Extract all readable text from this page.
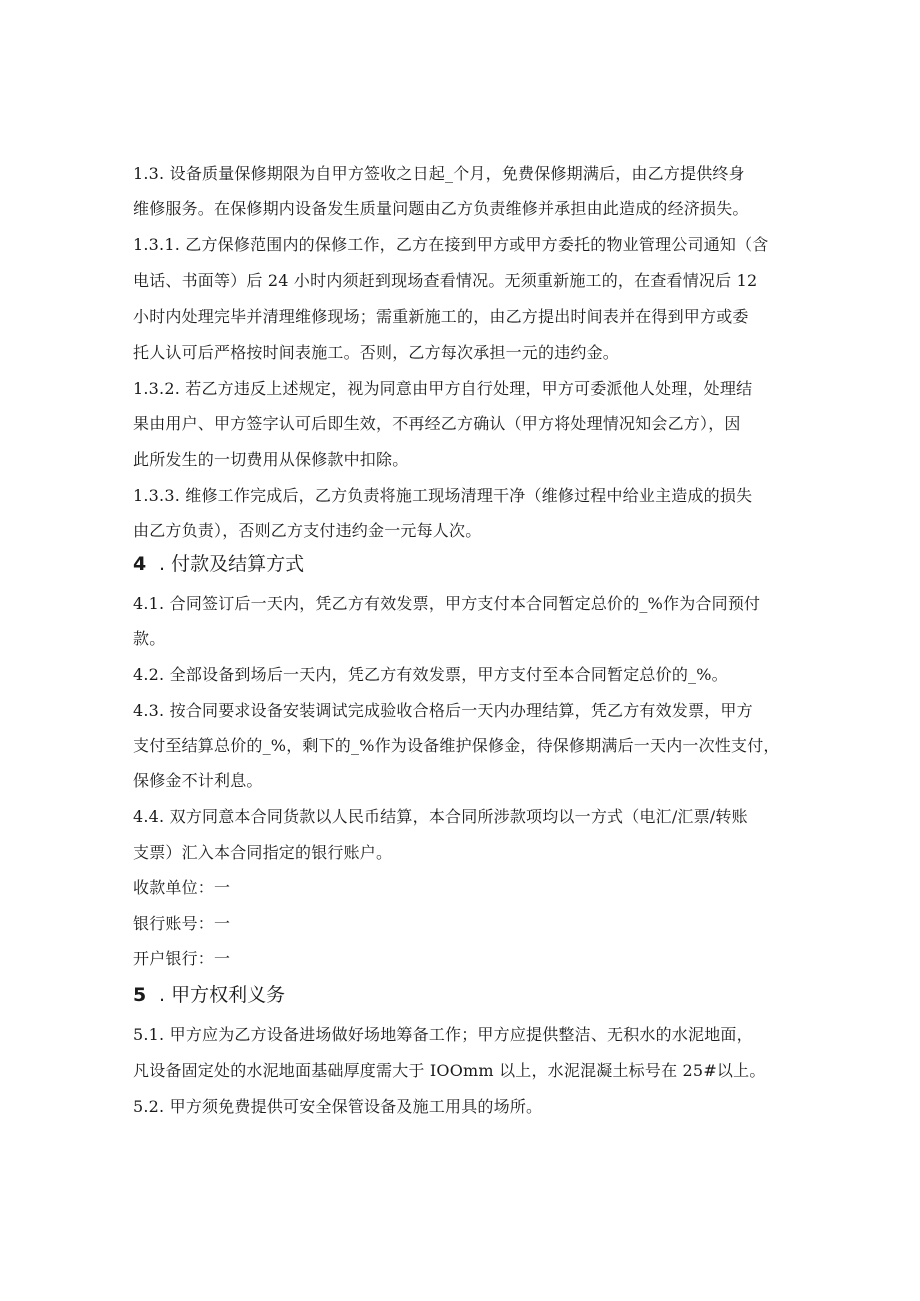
1.3. 设备质量保修期限为自甲方签收之日起_个月，免费保修期满后，由乙方提供终身
维修服务。在保修期内设备发生质量问题由乙方负责维修并承担由此造成的经济损失。
1.3.1. 乙方保修范围内的保修工作，乙方在接到甲方或甲方委托的物业管理公司通知（含
电话、书面等）后 24 小时内须赶到现场查看情况。无须重新施工的，在查看情况后 12
小时内处理完毕并清理维修现场；需重新施工的，由乙方提出时间表并在得到甲方或委
托人认可后严格按时间表施工。否则，乙方每次承担一元的违约金。
1.3.2. 若乙方违反上述规定，视为同意由甲方自行处理，甲方可委派他人处理，处理结
果由用户、甲方签字认可后即生效，不再经乙方确认（甲方将处理情况知会乙方），因
此所发生的一切费用从保修款中扣除。
1.3.3. 维修工作完成后，乙方负责将施工现场清理干净（维修过程中给业主造成的损失
由乙方负责），否则乙方支付违约金一元每人次。
4 . 付款及结算方式
4.1. 合同签订后一天内，凭乙方有效发票，甲方支付本合同暂定总价的_%作为合同预付
款。
4.2. 全部设备到场后一天内，凭乙方有效发票，甲方支付至本合同暂定总价的_%。
4.3. 按合同要求设备安装调试完成验收合格后一天内办理结算，凭乙方有效发票，甲方
支付至结算总价的_%，剩下的_%作为设备维护保修金，待保修期满后一天内一次性支付，
保修金不计利息。
4.4. 双方同意本合同货款以人民币结算，本合同所涉款项均以一方式（电汇/汇票/转账
支票）汇入本合同指定的银行账户。
收款单位：一
银行账号：一
开户银行：一
5 . 甲方权利义务
5.1. 甲方应为乙方设备进场做好场地筹备工作；甲方应提供整洁、无积水的水泥地面，
凡设备固定处的水泥地面基础厚度需大于 IOOmm 以上，水泥混凝土标号在 25#以上。
5.2. 甲方须免费提供可安全保管设备及施工用具的场所。
